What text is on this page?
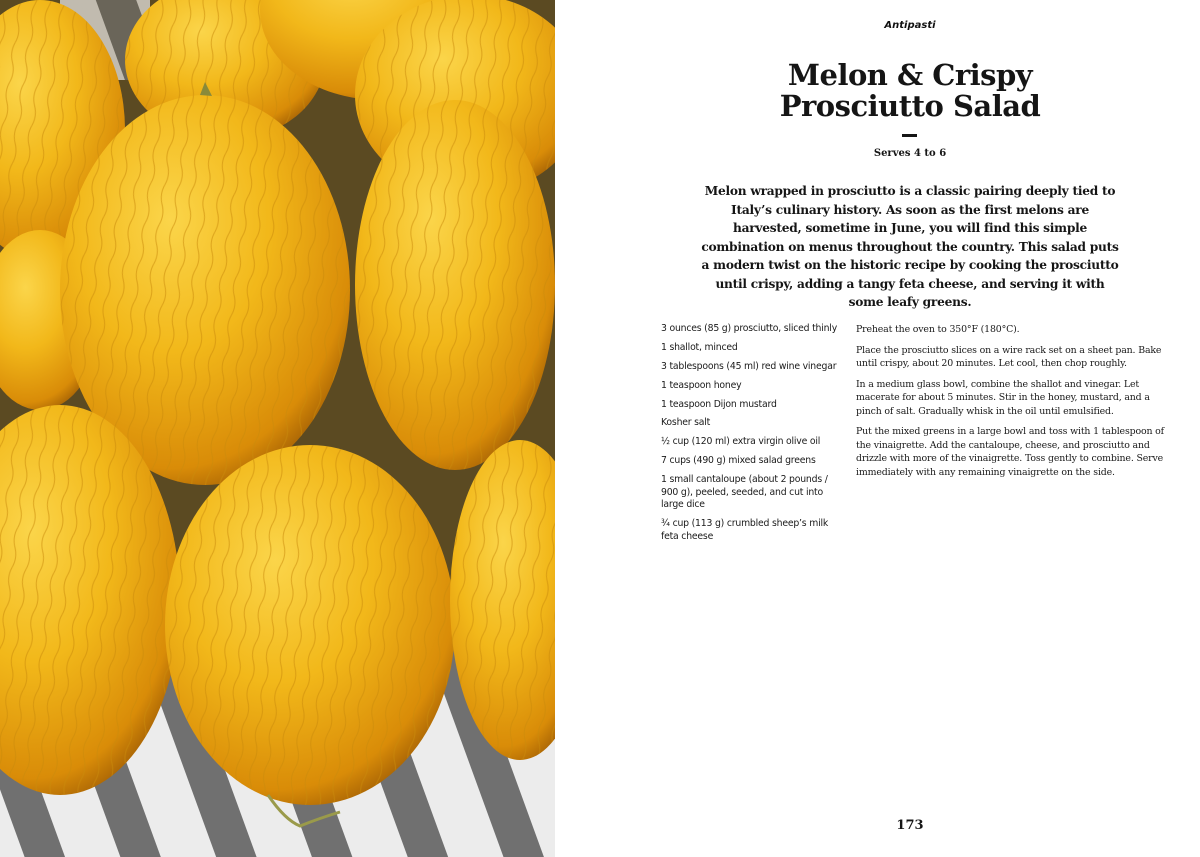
Antipasti
Melon & Crispy
Prosciutto Salad
Serves 4 to 6

Melon wrapped in prosciutto is a classic pairing deeply tied to Italy’s culinary history. As soon as the first melons are harvested, sometime in June, you will find this simple combination on menus throughout the country. This salad puts a modern twist on the historic recipe by cooking the prosciutto until crispy, adding a tangy feta cheese, and serving it with some leafy greens.

3 ounces (85 g) prosciutto, sliced thinly
1 shallot, minced
3 tablespoons (45 ml) red wine vinegar
1 teaspoon honey
1 teaspoon Dijon mustard
Kosher salt
½ cup (120 ml) extra virgin olive oil
7 cups (490 g) mixed salad greens
1 small cantaloupe (about 2 pounds / 900 g), peeled, seeded, and cut into large dice
¾ cup (113 g) crumbled sheep’s milk feta cheese

Preheat the oven to 350°F (180°C).

Place the prosciutto slices on a wire rack set on a sheet pan. Bake until crispy, about 20 minutes. Let cool, then chop roughly.

In a medium glass bowl, combine the shallot and vinegar. Let macerate for about 5 minutes. Stir in the honey, mustard, and a pinch of salt. Gradually whisk in the oil until emulsified.

Put the mixed greens in a large bowl and toss with 1 tablespoon of the vinaigrette. Add the cantaloupe, cheese, and prosciutto and drizzle with more of the vinaigrette. Toss gently to combine. Serve immediately with any remaining vinaigrette on the side.

173
